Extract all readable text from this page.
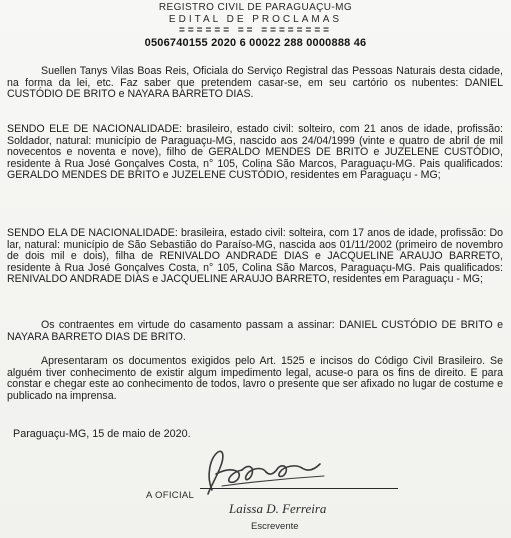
REGISTRO CIVIL DE PARAGUAÇU-MG
EDITAL DE PROCLAMAS
====== == ========
0506740155 2020 6 00022 288 0000888 46

Suellen Tanys Vilas Boas Reis, Oficiala do Serviço Registral das Pessoas Naturais desta cidade, na forma da lei, etc. Faz saber que pretendem casar-se, em seu cartório os nubentes: DANIEL CUSTÓDIO DE BRITO e NAYARA BARRETO DIAS.

SENDO ELE DE NACIONALIDADE: brasileiro, estado civil: solteiro, com 21 anos de idade, profissão: Soldador, natural: município de Paraguaçu-MG, nascido aos 24/04/1999 (vinte e quatro de abril de mil novecentos e noventa e nove), filho de GERALDO MENDES DE BRITO e JUZELENE CUSTÓDIO, residente à Rua José Gonçalves Costa, n° 105, Colina São Marcos, Paraguaçu-MG. Pais qualificados: GERALDO MENDES DE BRITO e JUZELENE CUSTÓDIO, residentes em Paraguaçu - MG;

SENDO ELA DE NACIONALIDADE: brasileira, estado civil: solteira, com 17 anos de idade, profissão: Do lar, natural: município de São Sebastião do Paraíso-MG, nascida aos 01/11/2002 (primeiro de novembro de dois mil e dois), filha de RENIVALDO ANDRADE DIAS e JACQUELINE ARAUJO BARRETO, residente à Rua José Gonçalves Costa, n° 105, Colina São Marcos, Paraguaçu-MG. Pais qualificados: RENIVALDO ANDRADE DIAS e JACQUELINE ARAUJO BARRETO, residentes em Paraguaçu - MG;

Os contraentes em virtude do casamento passam a assinar: DANIEL CUSTÓDIO DE BRITO e NAYARA BARRETO DIAS DE BRITO.

Apresentaram os documentos exigidos pelo Art. 1525 e incisos do Código Civil Brasileiro. Se alguém tiver conhecimento de existir algum impedimento legal, acuse-o para os fins de direito. E para constar e chegar este ao conhecimento de todos, lavro o presente que ser afixado no lugar de costume e publicado na imprensa.

Paraguaçu-MG, 15 de maio de 2020.
A OFICIAL
Laissa D. Ferreira
Escrevente
